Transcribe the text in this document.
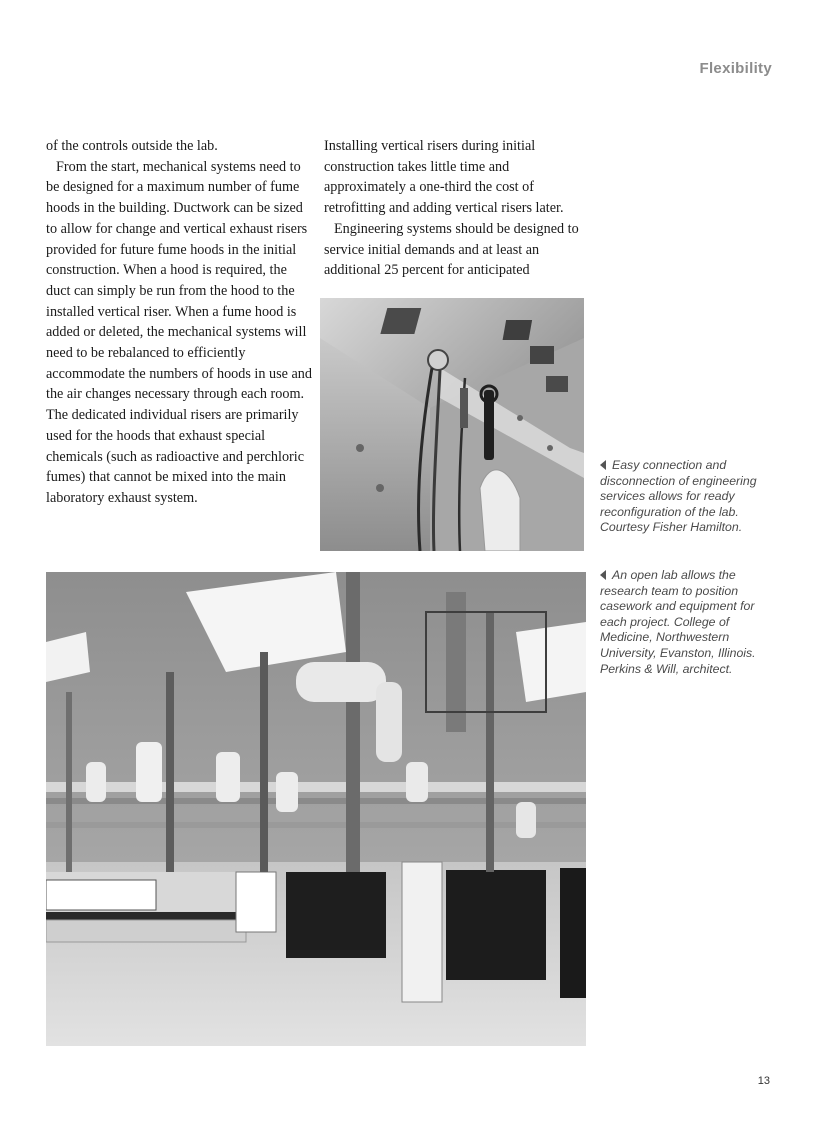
Flexibility

of the controls outside the lab.

From the start, mechanical systems need to be designed for a maximum number of fume hoods in the building. Ductwork can be sized to allow for change and vertical exhaust risers provided for future fume hoods in the initial construction. When a hood is required, the duct can simply be run from the hood to the installed vertical riser. When a fume hood is added or deleted, the mechanical systems will need to be rebalanced to efficiently accommodate the numbers of hoods in use and the air changes necessary through each room. The dedicated individual risers are primarily used for the hoods that exhaust special chemicals (such as radioactive and perchloric fumes) that cannot be mixed into the main laboratory exhaust system.

Installing vertical risers during initial construction takes little time and approximately a one-third the cost of retrofitting and adding vertical risers later.

Engineering systems should be designed to service initial demands and at least an additional 25 percent for anticipated

Easy connection and disconnection of engineering services allows for ready reconfiguration of the lab. Courtesy Fisher Hamilton.
An open lab allows the research team to position casework and equipment for each project. College of Medicine, Northwestern University, Evanston, Illinois. Perkins & Will, architect.
13
